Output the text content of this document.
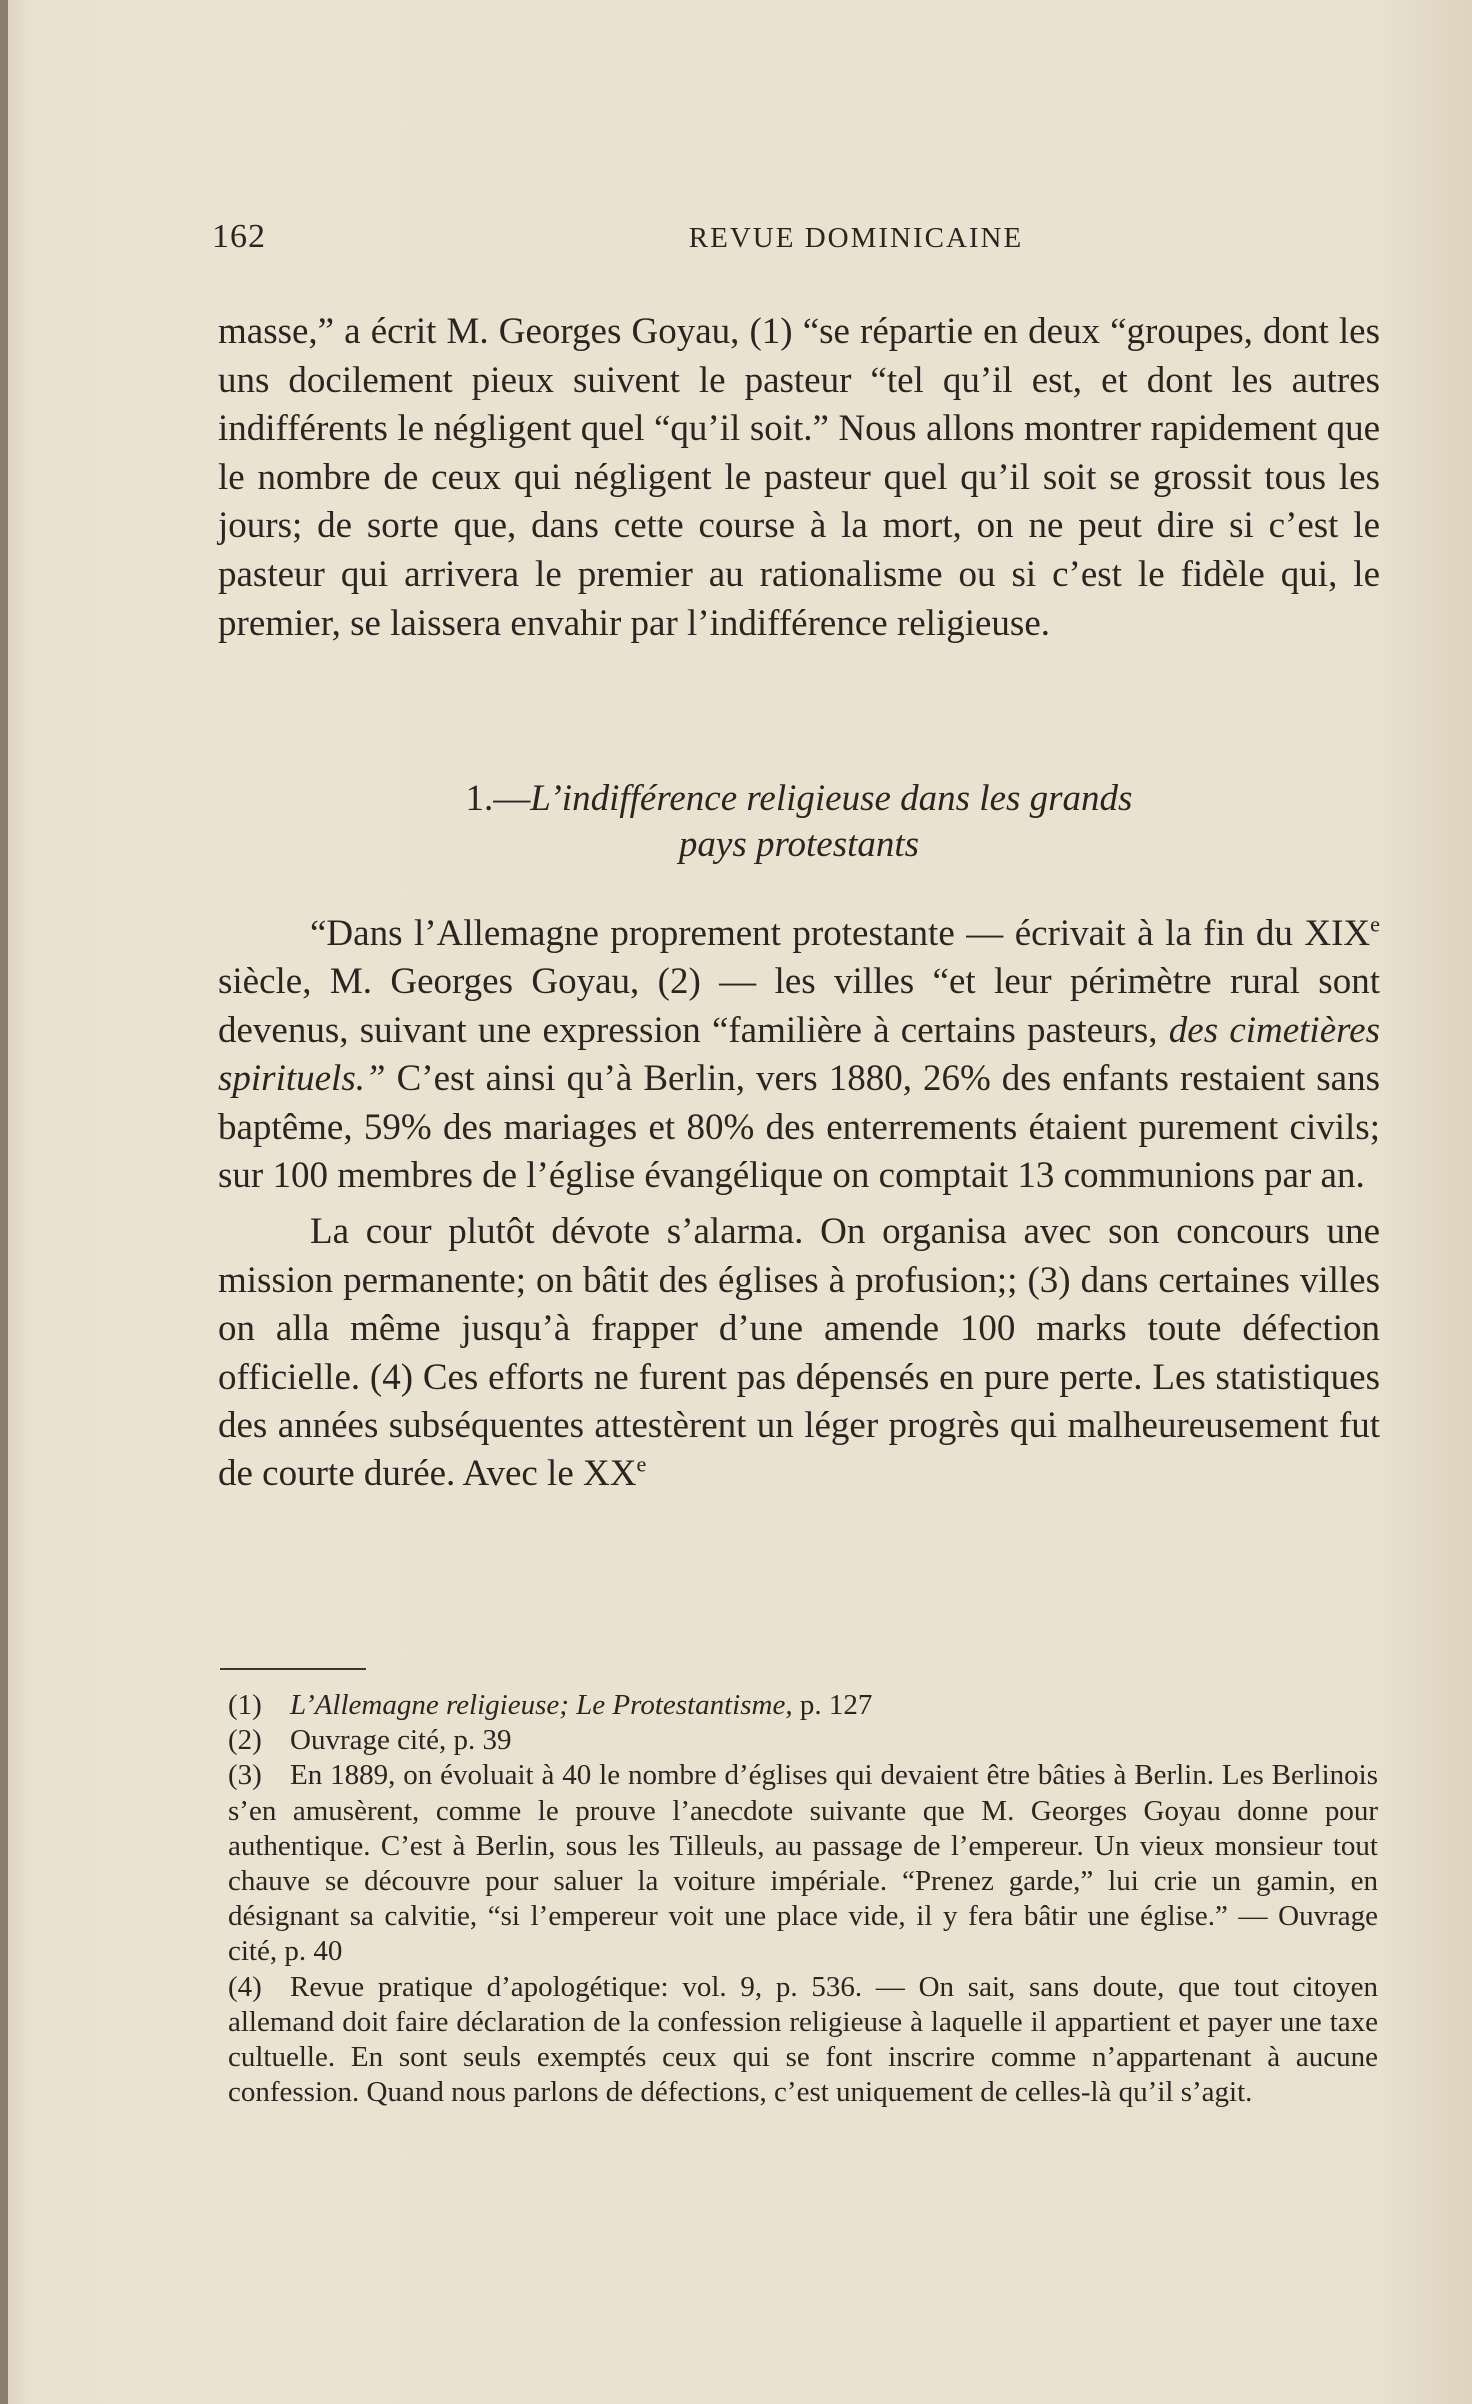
162	REVUE DOMINICAINE

masse,” a écrit M. Georges Goyau, (1) “se répartie en deux “groupes, dont les uns docilement pieux suivent le pasteur “tel qu’il est, et dont les autres indifférents le négligent quel “qu’il soit.” Nous allons montrer rapidement que le nombre de ceux qui négligent le pasteur quel qu’il soit se grossit tous les jours; de sorte que, dans cette course à la mort, on ne peut dire si c’est le pasteur qui arrivera le premier au rationalisme ou si c’est le fidèle qui, le premier, se laissera envahir par l’indifférence religieuse.

1.—L’indifférence religieuse dans les grands
pays protestants

“Dans l’Allemagne proprement protestante — écrivait à la fin du XIXe siècle, M. Georges Goyau, (2) — les villes “et leur périmètre rural sont devenus, suivant une expression “familière à certains pasteurs, des cimetières spirituels.” C’est ainsi qu’à Berlin, vers 1880, 26% des enfants restaient sans baptême, 59% des mariages et 80% des enterrements étaient purement civils; sur 100 membres de l’église évangélique on comptait 13 communions par an.

La cour plutôt dévote s’alarma. On organisa avec son concours une mission permanente; on bâtit des églises à profusion;; (3) dans certaines villes on alla même jusqu’à frapper d’une amende 100 marks toute défection officielle. (4) Ces efforts ne furent pas dépensés en pure perte. Les statistiques des années subséquentes attestèrent un léger progrès qui malheureusement fut de courte durée. Avec le XXe

(1) L’Allemagne religieuse; Le Protestantisme, p. 127

(2) Ouvrage cité, p. 39

(3) En 1889, on évoluait à 40 le nombre d’églises qui devaient être bâties à Berlin. Les Berlinois s’en amusèrent, comme le prouve l’anecdote suivante que M. Georges Goyau donne pour authentique. C’est à Berlin, sous les Tilleuls, au passage de l’empereur. Un vieux monsieur tout chauve se découvre pour saluer la voiture impériale. “Prenez garde,” lui crie un gamin, en désignant sa calvitie, “si l’empereur voit une place vide, il y fera bâtir une église.” — Ouvrage cité, p. 40

(4) Revue pratique d’apologétique: vol. 9, p. 536. — On sait, sans doute, que tout citoyen allemand doit faire déclaration de la confession religieuse à laquelle il appartient et payer une taxe cultuelle. En sont seuls exemptés ceux qui se font inscrire comme n’appartenant à aucune confession. Quand nous parlons de défections, c’est uniquement de celles-là qu’il s’agit.
